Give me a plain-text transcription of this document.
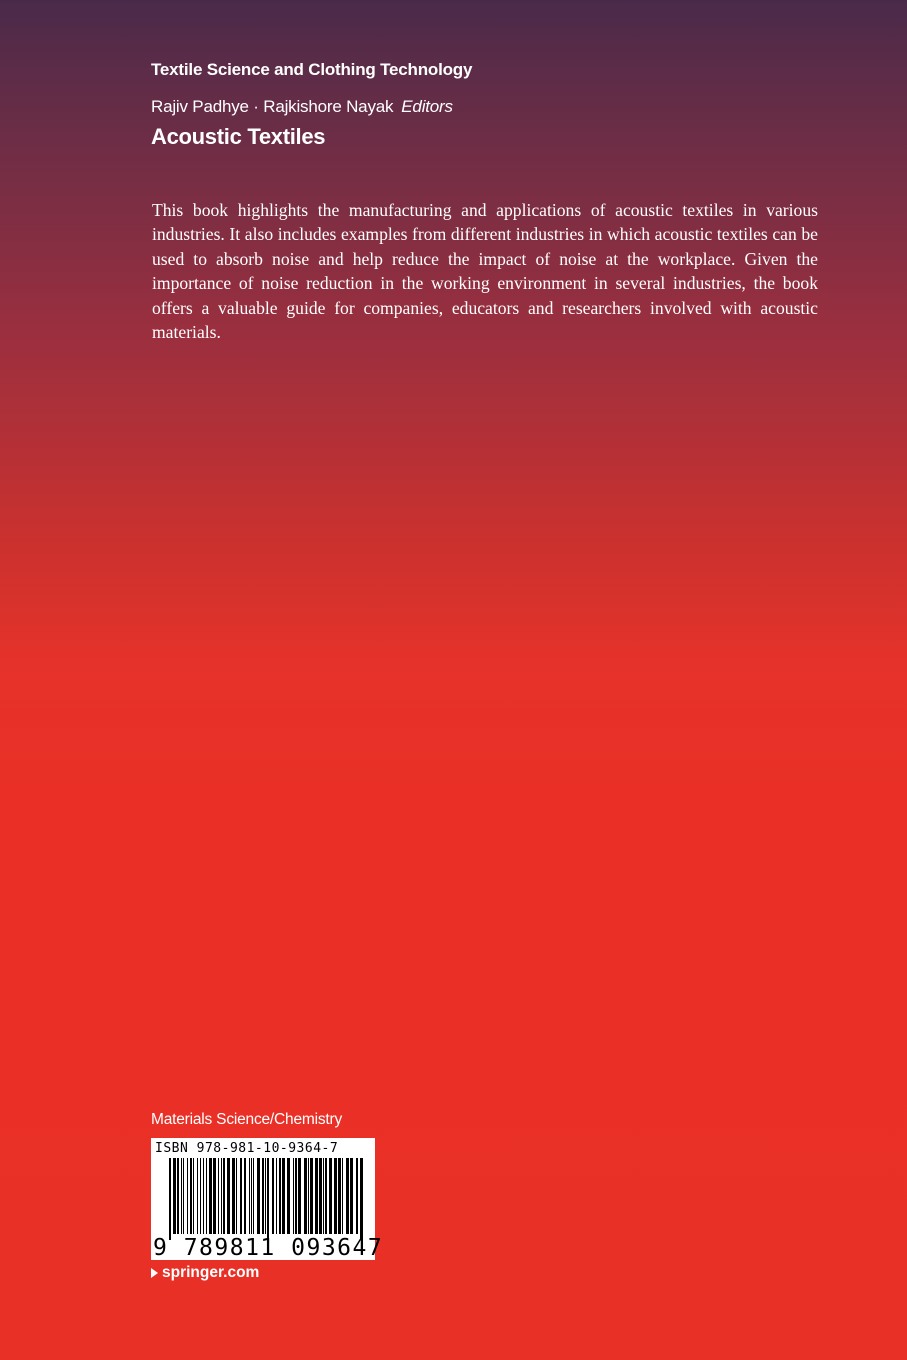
Textile Science and Clothing Technology
Rajiv Padhye · Rajkishore Nayak Editors
Acoustic Textiles

This book highlights the manufacturing and applications of acoustic textiles in various industries. It also includes examples from different industries in which acoustic textiles can be used to absorb noise and help reduce the impact of noise at the workplace. Given the importance of noise reduction in the working environment in several industries, the book offers a valuable guide for companies, educators and researchers involved with acoustic materials.

Materials Science/Chemistry
ISBN 978-981-10-9364-7
9 789811 093647
springer.com
